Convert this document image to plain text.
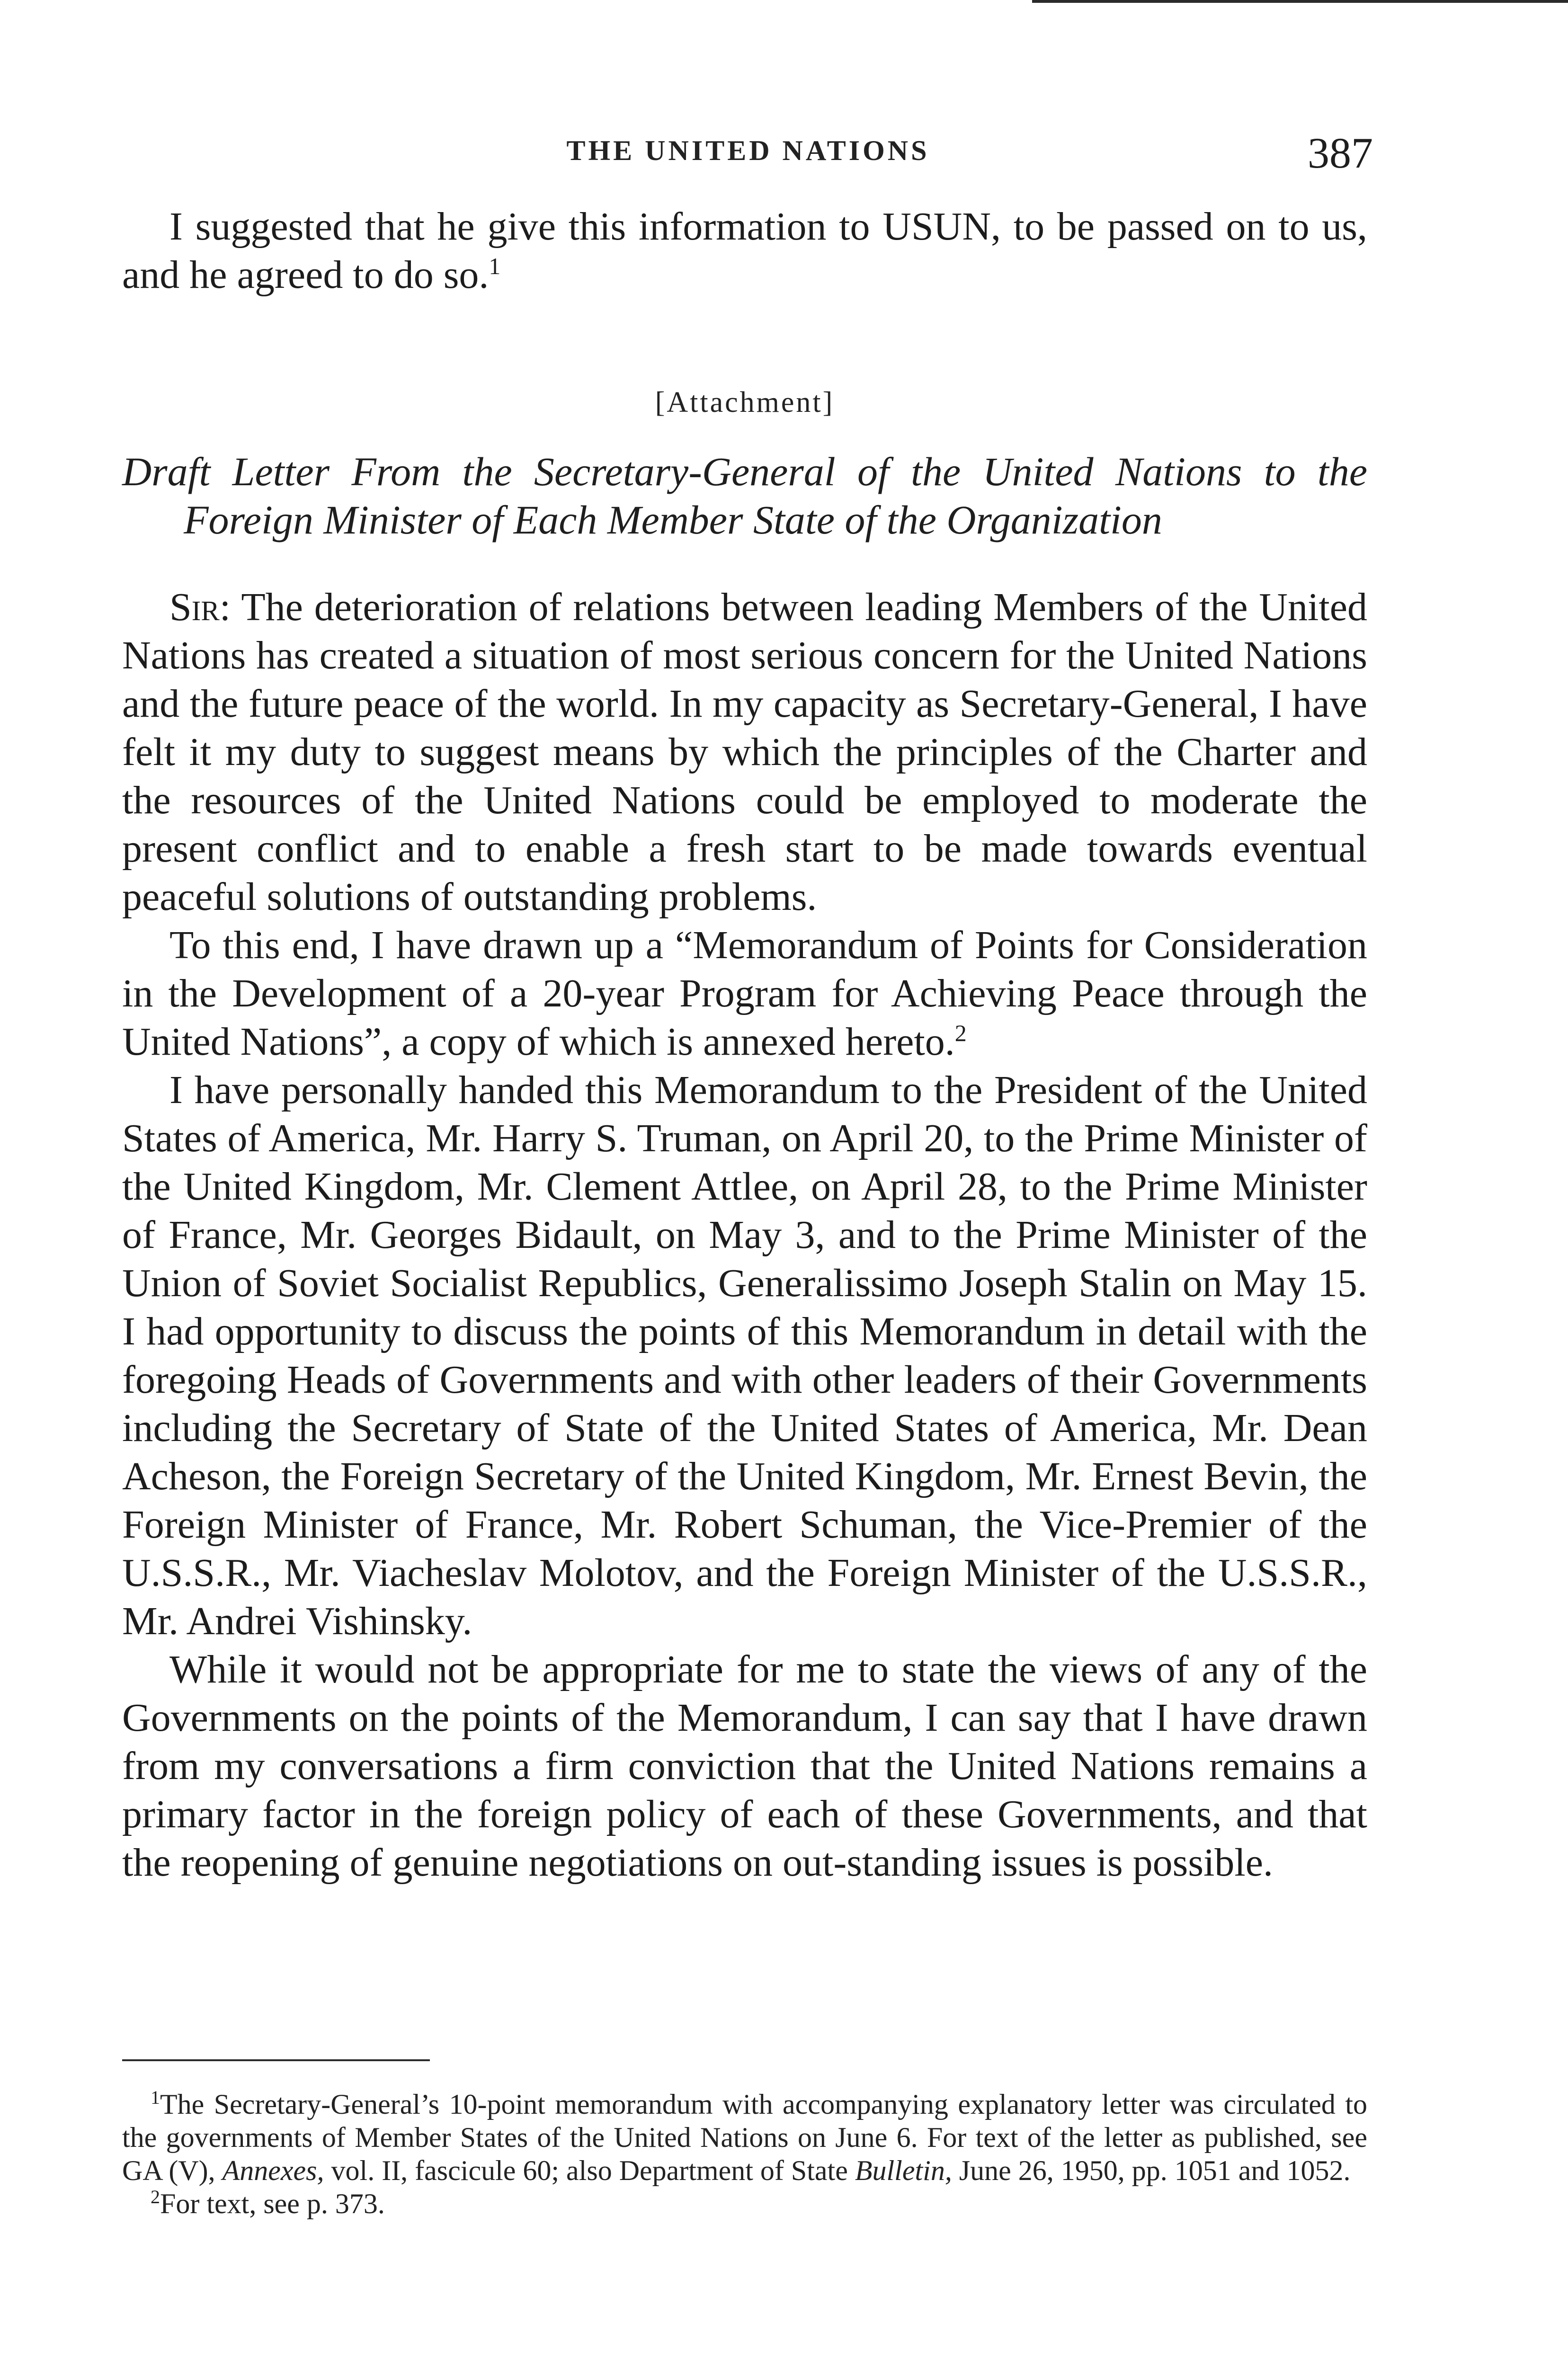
THE UNITED NATIONS	387

I suggested that he give this information to USUN, to be passed on to us, and he agreed to do so.$^1$

[Attachment]
Draft Letter From the Secretary-General of the United Nations to the Foreign Minister of Each Member State of the Organization

Sir: The deterioration of relations between leading Members of the United Nations has created a situation of most serious concern for the United Nations and the future peace of the world. In my capacity as Secretary-General, I have felt it my duty to suggest means by which the principles of the Charter and the resources of the United Nations could be employed to moderate the present conflict and to enable a fresh start to be made towards eventual peaceful solutions of outstanding problems.

To this end, I have drawn up a “Memorandum of Points for Consideration in the Development of a 20-year Program for Achieving Peace through the United Nations”, a copy of which is annexed hereto.$^2$

I have personally handed this Memorandum to the President of the United States of America, Mr. Harry S. Truman, on April 20, to the Prime Minister of the United Kingdom, Mr. Clement Attlee, on April 28, to the Prime Minister of France, Mr. Georges Bidault, on May 3, and to the Prime Minister of the Union of Soviet Socialist Republics, Generalissimo Joseph Stalin on May 15. I had opportunity to discuss the points of this Memorandum in detail with the foregoing Heads of Governments and with other leaders of their Governments including the Secretary of State of the United States of America, Mr. Dean Acheson, the Foreign Secretary of the United Kingdom, Mr. Ernest Bevin, the Foreign Minister of France, Mr. Robert Schuman, the Vice-Premier of the U.S.S.R., Mr. Viacheslav Molotov, and the Foreign Minister of the U.S.S.R., Mr. Andrei Vishinsky.

While it would not be appropriate for me to state the views of any of the Governments on the points of the Memorandum, I can say that I have drawn from my conversations a firm conviction that the United Nations remains a primary factor in the foreign policy of each of these Governments, and that the reopening of genuine negotiations on out-standing issues is possible.

$^1$The Secretary-General’s 10-point memorandum with accompanying explanatory letter was circulated to the governments of Member States of the United Nations on June 6. For text of the letter as published, see GA (V), Annexes, vol. II, fascicule 60; also Department of State Bulletin, June 26, 1950, pp. 1051 and 1052.

$^2$For text, see p. 373.
